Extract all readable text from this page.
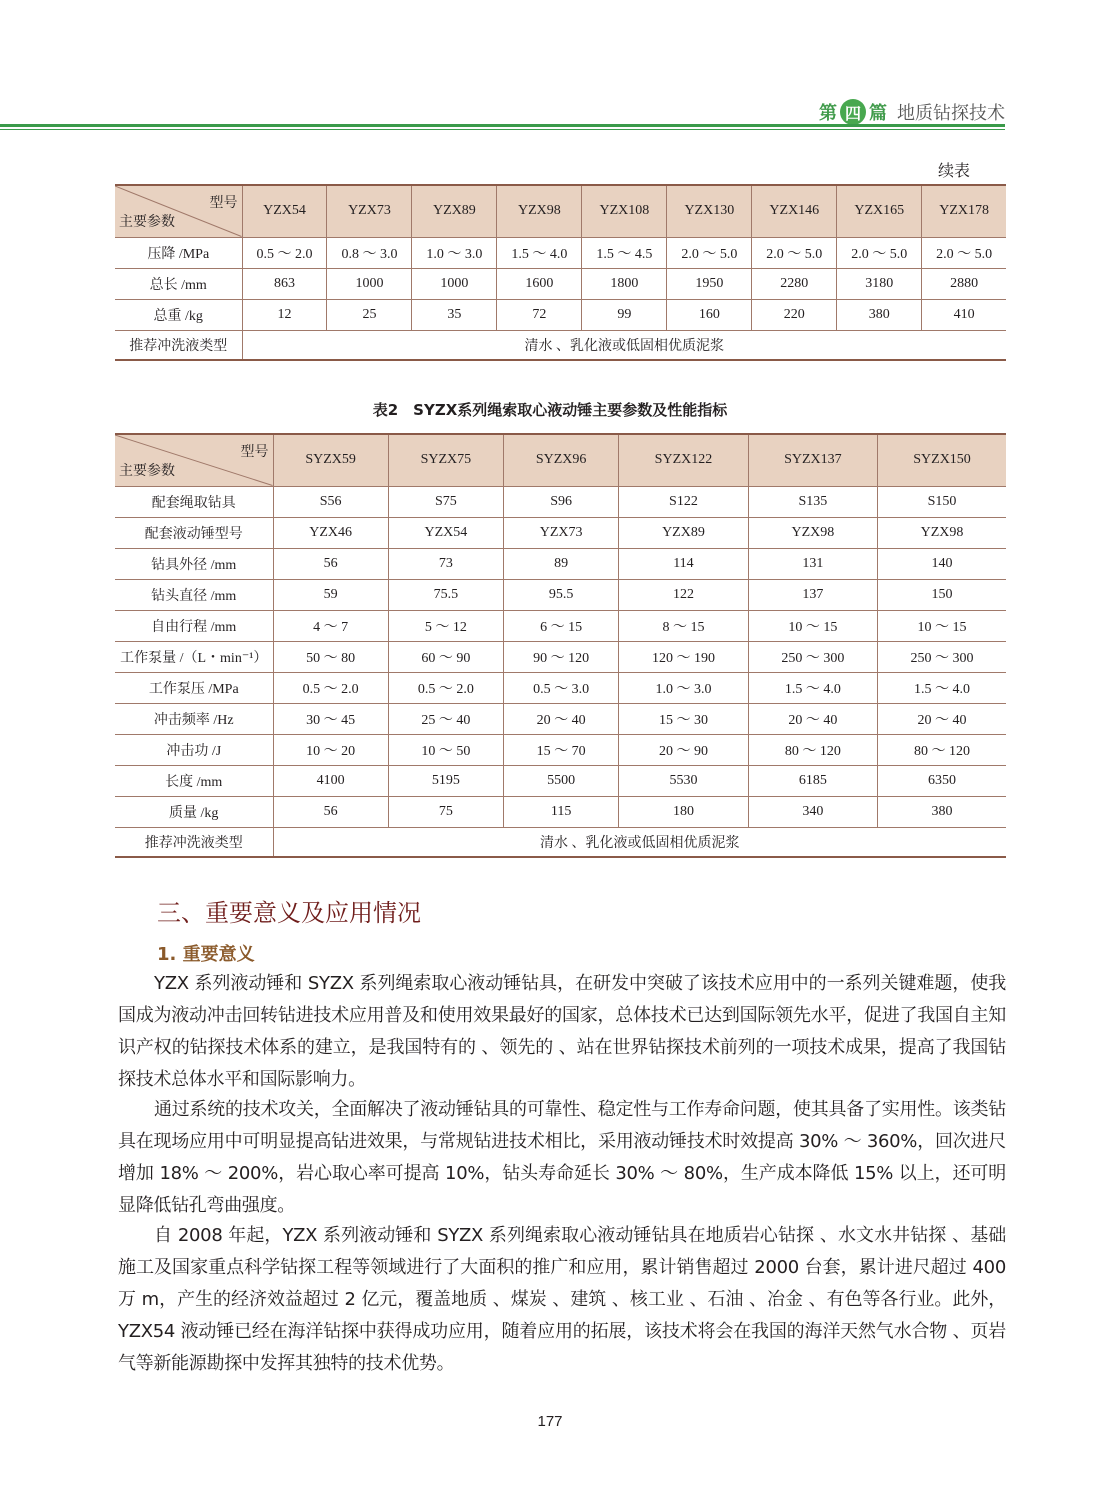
第 四 篇 地质钻探技术
续表
型号
主要参数	YZX54	YZX73	YZX89	YZX98	YZX108	YZX130	YZX146	YZX165	YZX178
压降 /MPa	0.5 ～ 2.0	0.8 ～ 3.0	1.0 ～ 3.0	1.5 ～ 4.0	1.5 ～ 4.5	2.0 ～ 5.0	2.0 ～ 5.0	2.0 ～ 5.0	2.0 ～ 5.0
总长 /mm	863	1000	1000	1600	1800	1950	2280	3180	2880
总重 /kg	12	25	35	72	99	160	220	380	410
推荐冲洗液类型	清水 、乳化液或低固相优质泥浆								
表2　SYZX系列绳索取心液动锤主要参数及性能指标
型号
主要参数	SYZX59	SYZX75	SYZX96	SYZX122	SYZX137	SYZX150
配套绳取钻具	S56	S75	S96	S122	S135	S150
配套液动锤型号	YZX46	YZX54	YZX73	YZX89	YZX98	YZX98
钻具外径 /mm	56	73	89	114	131	140
钻头直径 /mm	59	75.5	95.5	122	137	150
自由行程 /mm	4 ～ 7	5 ～ 12	6 ～ 15	8 ～ 15	10 ～ 15	10 ～ 15
工作泵量 /（L・min⁻¹）	50 ～ 80	60 ～ 90	90 ～ 120	120 ～ 190	250 ～ 300	250 ～ 300
工作泵压 /MPa	0.5 ～ 2.0	0.5 ～ 2.0	0.5 ～ 3.0	1.0 ～ 3.0	1.5 ～ 4.0	1.5 ～ 4.0
冲击频率 /Hz	30 ～ 45	25 ～ 40	20 ～ 40	15 ～ 30	20 ～ 40	20 ～ 40
冲击功 /J	10 ～ 20	10 ～ 50	15 ～ 70	20 ～ 90	80 ～ 120	80 ～ 120
长度 /mm	4100	5195	5500	5530	6185	6350
质量 /kg	56	75	115	180	340	380
推荐冲洗液类型	清水 、乳化液或低固相优质泥浆					
三、重要意义及应用情况
1. 重要意义

YZX 系列液动锤和 SYZX 系列绳索取心液动锤钻具，在研发中突破了该技术应用中的一系列关键难题，使我国成为液动冲击回转钻进技术应用普及和使用效果最好的国家，总体技术已达到国际领先水平，促进了我国自主知识产权的钻探技术体系的建立，是我国特有的 、领先的 、站在世界钻探技术前列的一项技术成果，提高了我国钻探技术总体水平和国际影响力。

通过系统的技术攻关，全面解决了液动锤钻具的可靠性、稳定性与工作寿命问题，使其具备了实用性。该类钻具在现场应用中可明显提高钻进效果，与常规钻进技术相比，采用液动锤技术时效提高 30% ～ 360%，回次进尺增加 18% ～ 200%，岩心取心率可提高 10%，钻头寿命延长 30% ～ 80%，生产成本降低 15% 以上，还可明显降低钻孔弯曲强度。

自 2008 年起，YZX 系列液动锤和 SYZX 系列绳索取心液动锤钻具在地质岩心钻探 、水文水井钻探 、基础施工及国家重点科学钻探工程等领域进行了大面积的推广和应用，累计销售超过 2000 台套，累计进尺超过 400 万 m，产生的经济效益超过 2 亿元，覆盖地质 、煤炭 、建筑 、核工业 、石油 、冶金 、有色等各行业。此外，YZX54 液动锤已经在海洋钻探中获得成功应用，随着应用的拓展，该技术将会在我国的海洋天然气水合物 、页岩气等新能源勘探中发挥其独特的技术优势。

177
